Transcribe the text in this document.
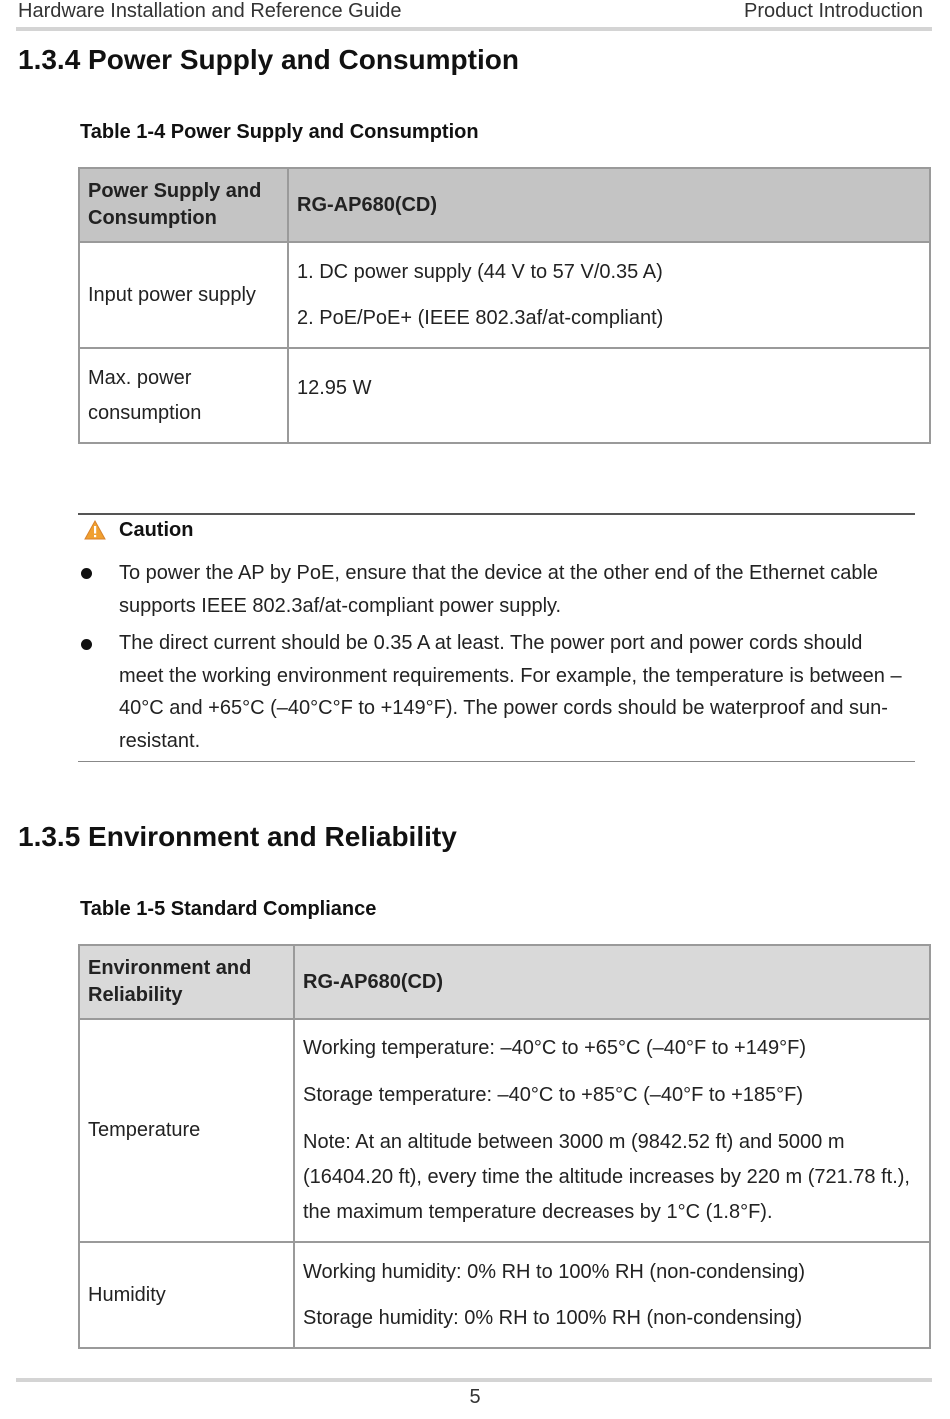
Hardware Installation and Reference Guide	Product Introduction
1.3.4 Power Supply and Consumption
Table 1-4 Power Supply and Consumption
Power Supply and Consumption	RG-AP680(CD)
Input power supply	1. DC power supply (44 V to 57 V/0.35 A)
2. PoE/PoE+ (IEEE 802.3af/at-compliant)

Max. power
consumption	12.95 W
Caution
To power the AP by PoE, ensure that the device at the other end of the Ethernet cable supports IEEE 802.3af/at-compliant power supply.
The direct current should be 0.35 A at least. The power port and power cords should meet the working environment requirements. For example, the temperature is between –40°C and +65°C (–40°C°F to +149°F). The power cords should be waterproof and sun-resistant.
1.3.5 Environment and Reliability
Table 1-5 Standard Compliance
Environment and Reliability	RG-AP680(CD)
Temperature	Working temperature: –40°C to +65°C (–40°F to +149°F)
Storage temperature: –40°C to +85°C (–40°F to +185°F)
Note: At an altitude between 3000 m (9842.52 ft) and 5000 m (16404.20 ft), every time the altitude increases by 220 m (721.78 ft.), the maximum temperature decreases by 1°C (1.8°F).

Humidity	Working humidity: 0% RH to 100% RH (non-condensing)
Storage humidity: 0% RH to 100% RH (non-condensing)
5
